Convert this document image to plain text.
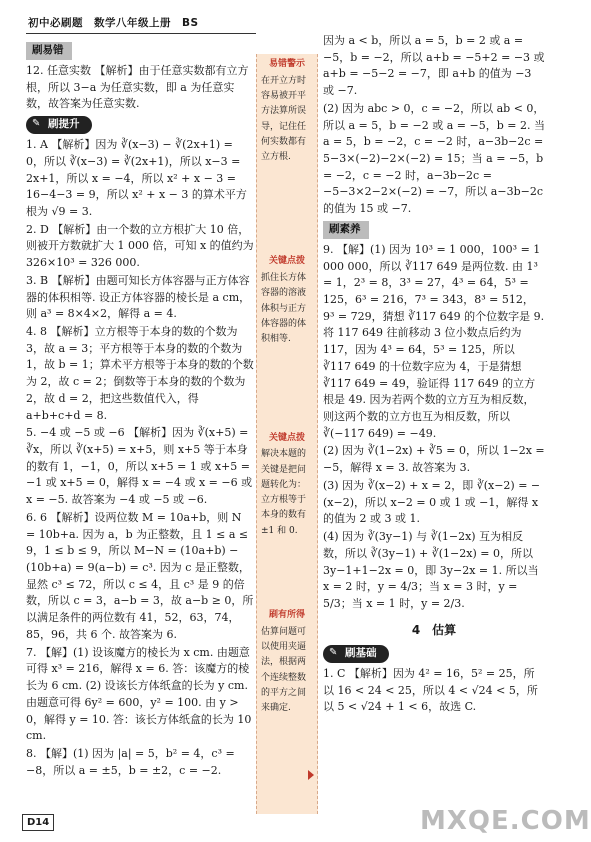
初中必刷题　数学八年级上册　BS
刷易错
12. 任意实数 【解析】由于任意实数都有立方根，所以 3−a 为任意实数，即 a 为任意实数，故答案为任意实数.
✎ 刷提升
1. A 【解析】因为 ∛(x−3) − ∛(2x+1) = 0，所以 ∛(x−3) = ∛(2x+1)，所以 x−3 = 2x+1，所以 x = −4，所以 x² + x − 3 = 16−4−3 = 9，所以 x² + x − 3 的算术平方根为 √9 = 3.
2. D 【解析】由一个数的立方根扩大 10 倍，则被开方数就扩大 1 000 倍，可知 x 的值约为 326×10³ = 326 000.
3. B 【解析】由题可知长方体容器与正方体容器的体积相等. 设正方体容器的棱长是 a cm，则 a³ = 8×4×2，解得 a = 4.
4. 8 【解析】立方根等于本身的数的个数为 3，故 a = 3；平方根等于本身的数的个数为 1，故 b = 1；算术平方根等于本身的数的个数为 2，故 c = 2；倒数等于本身的数的个数为 2，故 d = 2，把这些数值代入，得 a+b+c+d = 8.
5. −4 或 −5 或 −6 【解析】因为 ∛(x+5) = ∛x，所以 ∛(x+5) = x+5，则 x+5 等于本身的数有 1，−1，0，所以 x+5 = 1 或 x+5 = −1 或 x+5 = 0，解得 x = −4 或 x = −6 或 x = −5. 故答案为 −4 或 −5 或 −6.
6. 6 【解析】设两位数 M = 10a+b，则 N = 10b+a. 因为 a，b 为正整数，且 1 ≤ a ≤ 9，1 ≤ b ≤ 9，所以 M−N = (10a+b) − (10b+a) = 9(a−b) = c³. 因为 c 是正整数，显然 c³ ≤ 72，所以 c ≤ 4，且 c³ 是 9 的倍数，所以 c = 3，a−b = 3，故 a−b ≥ 0，所以满足条件的两位数有 41，52，63，74，85，96，共 6 个. 故答案为 6.
7. 【解】(1) 设该魔方的棱长为 x cm. 由题意可得 x³ = 216，解得 x = 6. 答：该魔方的棱长为 6 cm. (2) 设该长方体纸盒的长为 y cm. 由题意可得 6y² = 600，y² = 100. 由 y > 0，解得 y = 10. 答：该长方体纸盒的长为 10 cm.
8. 【解】(1) 因为 |a| = 5，b² = 4，c³ = −8，所以 a = ±5，b = ±2，c = −2.
易错警示
在开立方时容易被开平方法算所误导，记住任何实数都有立方根.
关键点拨
抓住长方体容器的溶液体积与正方体容器的体积相等.
关键点拨
解决本题的关键是把问题转化为：立方根等于本身的数有 ±1 和 0.
刷有所得
估算问题可以使用夹逼法，根据两个连续整数的平方之间来确定.
因为 a < b，所以 a = 5，b = 2 或 a = −5，b = −2，所以 a+b = −5+2 = −3 或 a+b = −5−2 = −7，即 a+b 的值为 −3 或 −7.
(2) 因为 abc > 0，c = −2，所以 ab < 0，所以 a = 5，b = −2 或 a = −5，b = 2. 当 a = 5，b = −2，c = −2 时，a−3b−2c = 5−3×(−2)−2×(−2) = 15；当 a = −5，b = −2，c = −2 时，a−3b−2c = −5−3×2−2×(−2) = −7，所以 a−3b−2c 的值为 15 或 −7.
刷素养
9. 【解】(1) 因为 10³ = 1 000，100³ = 1 000 000，所以 ∛117 649 是两位数. 由 1³ = 1，2³ = 8，3³ = 27，4³ = 64，5³ = 125，6³ = 216，7³ = 343，8³ = 512，9³ = 729，猜想 ∛117 649 的个位数字是 9. 将 117 649 往前移动 3 位小数点后约为 117，因为 4³ = 64，5³ = 125，所以 ∛117 649 的十位数字应为 4，于是猜想 ∛117 649 = 49，验证得 117 649 的立方根是 49. 因为若两个数的立方互为相反数，则这两个数的立方也互为相反数，所以 ∛(−117 649) = −49.
(2) 因为 ∛(1−2x) + ∛5 = 0，所以 1−2x = −5，解得 x = 3. 故答案为 3.
(3) 因为 ∛(x−2) + x = 2，即 ∛(x−2) = −(x−2)，所以 x−2 = 0 或 1 或 −1，解得 x 的值为 2 或 3 或 1.
(4) 因为 ∛(3y−1) 与 ∛(1−2x) 互为相反数，所以 ∛(3y−1) + ∛(1−2x) = 0，所以 3y−1+1−2x = 0，即 3y−2x = 1. 所以当 x = 2 时，y = 4/3；当 x = 3 时，y = 5/3；当 x = 1 时，y = 2/3.
4　估算
✎ 刷基础
1. C 【解析】因为 4² = 16，5² = 25，所以 16 < 24 < 25，所以 4 < √24 < 5，所以 5 < √24 + 1 < 6，故选 C.
D14	MXQE.COM
